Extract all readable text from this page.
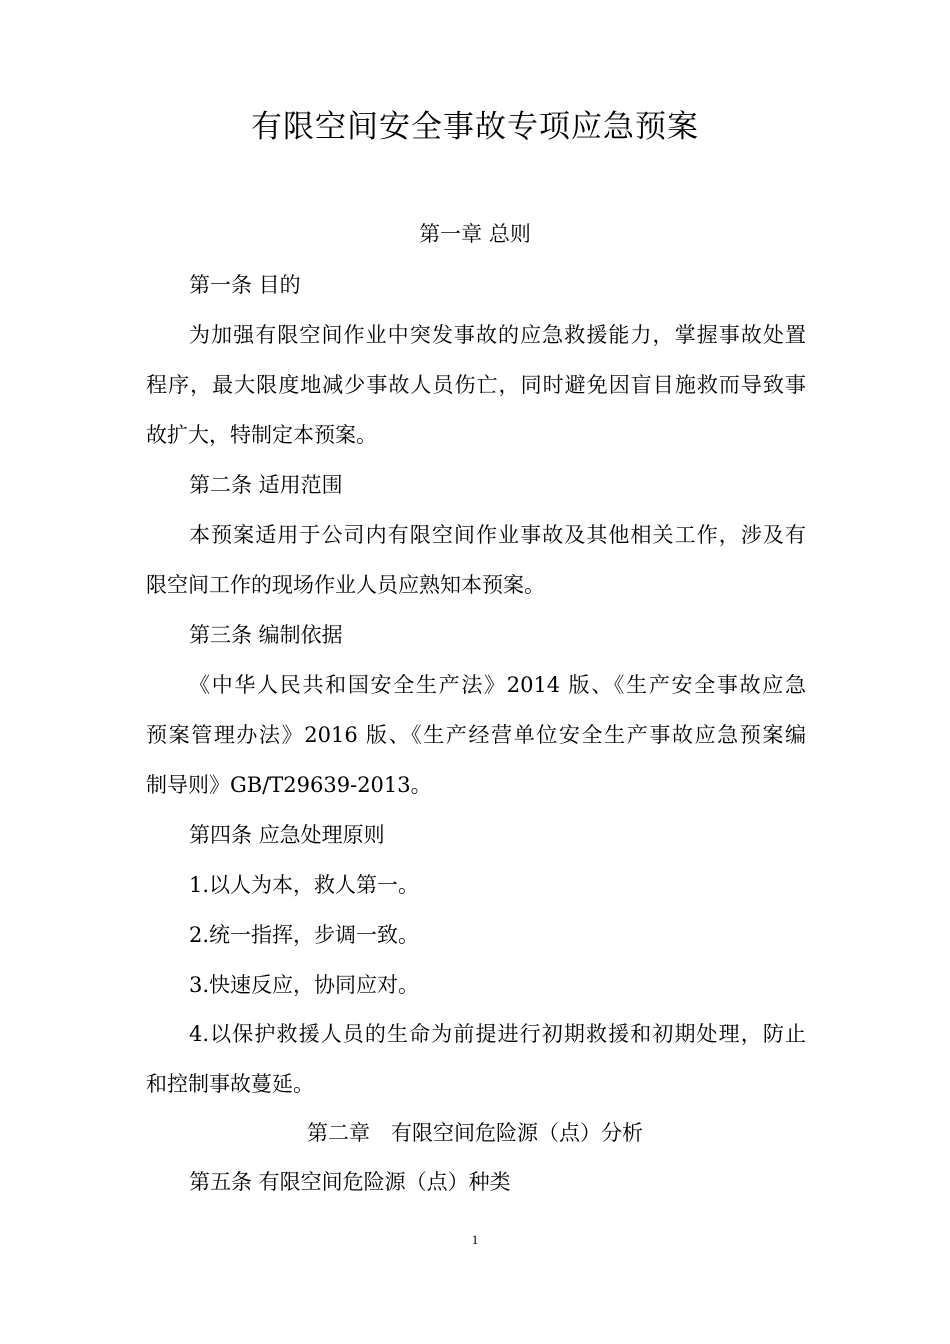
有限空间安全事故专项应急预案
第一章 总则
第一条 目的
为加强有限空间作业中突发事故的应急救援能力，掌握事故处置
程序，最大限度地减少事故人员伤亡，同时避免因盲目施救而导致事
故扩大，特制定本预案。
第二条 适用范围
本预案适用于公司内有限空间作业事故及其他相关工作，涉及有
限空间工作的现场作业人员应熟知本预案。
第三条 编制依据
《中华人民共和国安全生产法》2014 版、《生产安全事故应急
预案管理办法》2016 版、《生产经营单位安全生产事故应急预案编
制导则》GB/T29639-2013。
第四条 应急处理原则
1.以人为本，救人第一。
2.统一指挥，步调一致。
3.快速反应，协同应对。
4.以保护救援人员的生命为前提进行初期救援和初期处理，防止
和控制事故蔓延。
第二章　有限空间危险源（点）分析
第五条 有限空间危险源（点）种类
1
